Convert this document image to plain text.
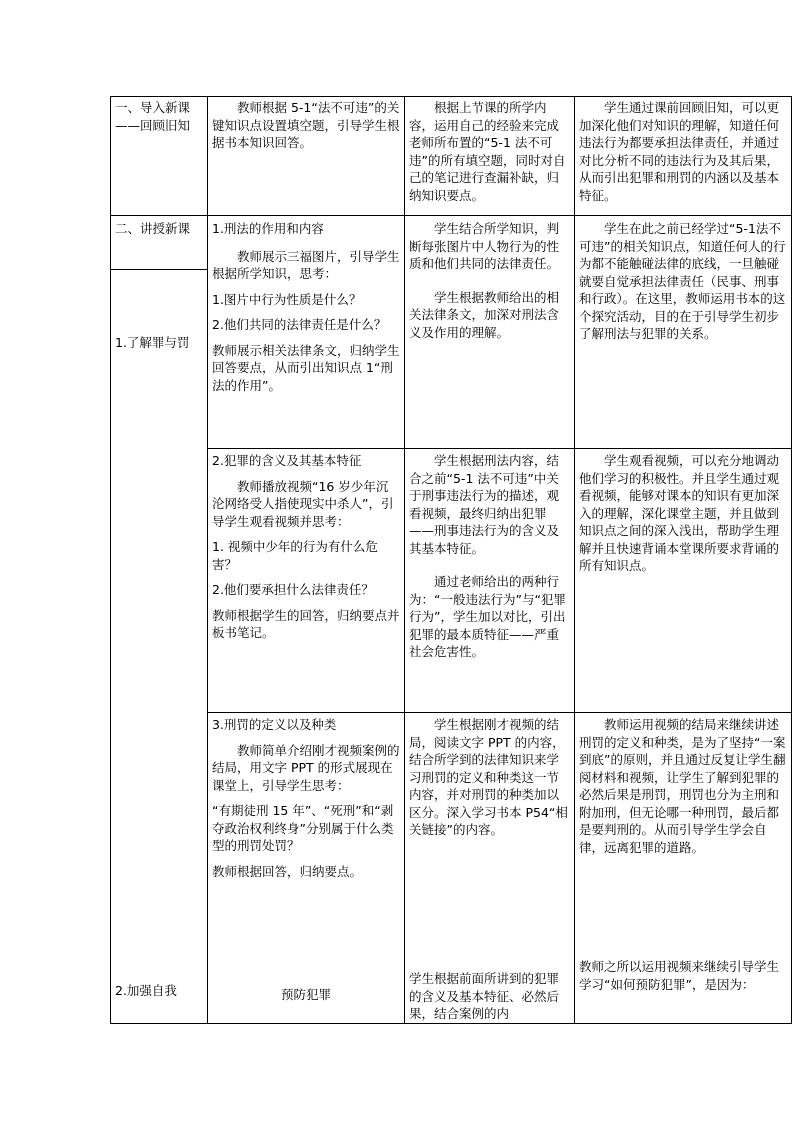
一、导入新课——回顾旧知

教师根据 5-1“法不可违”的关键知识点设置填空题，引导学生根据书本知识回答。

根据上节课的所学内容，运用自己的经验来完成老师所布置的“5-1 法不可违”的所有填空题，同时对自己的笔记进行查漏补缺，归纳知识要点。

学生通过课前回顾旧知，可以更加深化他们对知识的理解，知道任何违法行为都要承担法律责任，并通过对比分析不同的违法行为及其后果，从而引出犯罪和刑罚的内涵以及基本特征。

二、讲授新课

1.了解罪与罚

1.刑法的作用和内容

教师展示三福图片，引导学生根据所学知识，思考：

1.图片中行为性质是什么？

2.他们共同的法律责任是什么？

教师展示相关法律条文，归纳学生回答要点，从而引出知识点 1“刑法的作用”。

学生结合所学知识，判断每张图片中人物行为的性质和他们共同的法律责任。

学生根据教师给出的相关法律条文，加深对刑法含义及作用的理解。

学生在此之前已经学过“5-1法不可违”的相关知识点，知道任何人的行为都不能触碰法律的底线，一旦触碰就要自觉承担法律责任（民事、刑事和行政）。在这里，教师运用书本的这个探究活动，目的在于引导学生初步了解刑法与犯罪的关系。

2.犯罪的含义及其基本特征

教师播放视频“16 岁少年沉沦网络受人指使现实中杀人”，引导学生观看视频并思考：

1. 视频中少年的行为有什么危害？

2.他们要承担什么法律责任？

教师根据学生的回答，归纳要点并板书笔记。

学生根据刑法内容，结合之前“5-1 法不可违”中关于刑事违法行为的描述，观看视频，最终归纳出犯罪——刑事违法行为的含义及其基本特征。

通过老师给出的两种行为：“一般违法行为”与“犯罪行为”，学生加以对比，引出犯罪的最本质特征——严重社会危害性。

学生观看视频，可以充分地调动他们学习的积极性。并且学生通过观看视频，能够对课本的知识有更加深入的理解，深化课堂主题，并且做到知识点之间的深入浅出，帮助学生理解并且快速背诵本堂课所要求背诵的所有知识点。

3.刑罚的定义以及种类

教师简单介绍刚才视频案例的结局，用文字 PPT 的形式展现在课堂上，引导学生思考：

“有期徒刑 15 年”、“死刑”和“剥夺政治权利终身”分别属于什么类型的刑罚处罚？

教师根据回答，归纳要点。

学生根据刚才视频的结局，阅读文字 PPT 的内容，结合所学到的法律知识来学习刑罚的定义和种类这一节内容，并对刑罚的种类加以区分。深入学习书本 P54“相关链接”的内容。

教师运用视频的结局来继续讲述刑罚的定义和种类，是为了坚持“一案到底”的原则，并且通过反复让学生翻阅材料和视频，让学生了解到犯罪的必然后果是刑罚，刑罚也分为主刑和附加刑，但无论哪一种刑罚，最后都是要判刑的。从而引导学生学会自律，远离犯罪的道路。

2.加强自我	预防犯罪

学生根据前面所讲到的犯罪的含义及基本特征、必然后果，结合案例的内

教师之所以运用视频来继续引导学生学习“如何预防犯罪”，是因为：
